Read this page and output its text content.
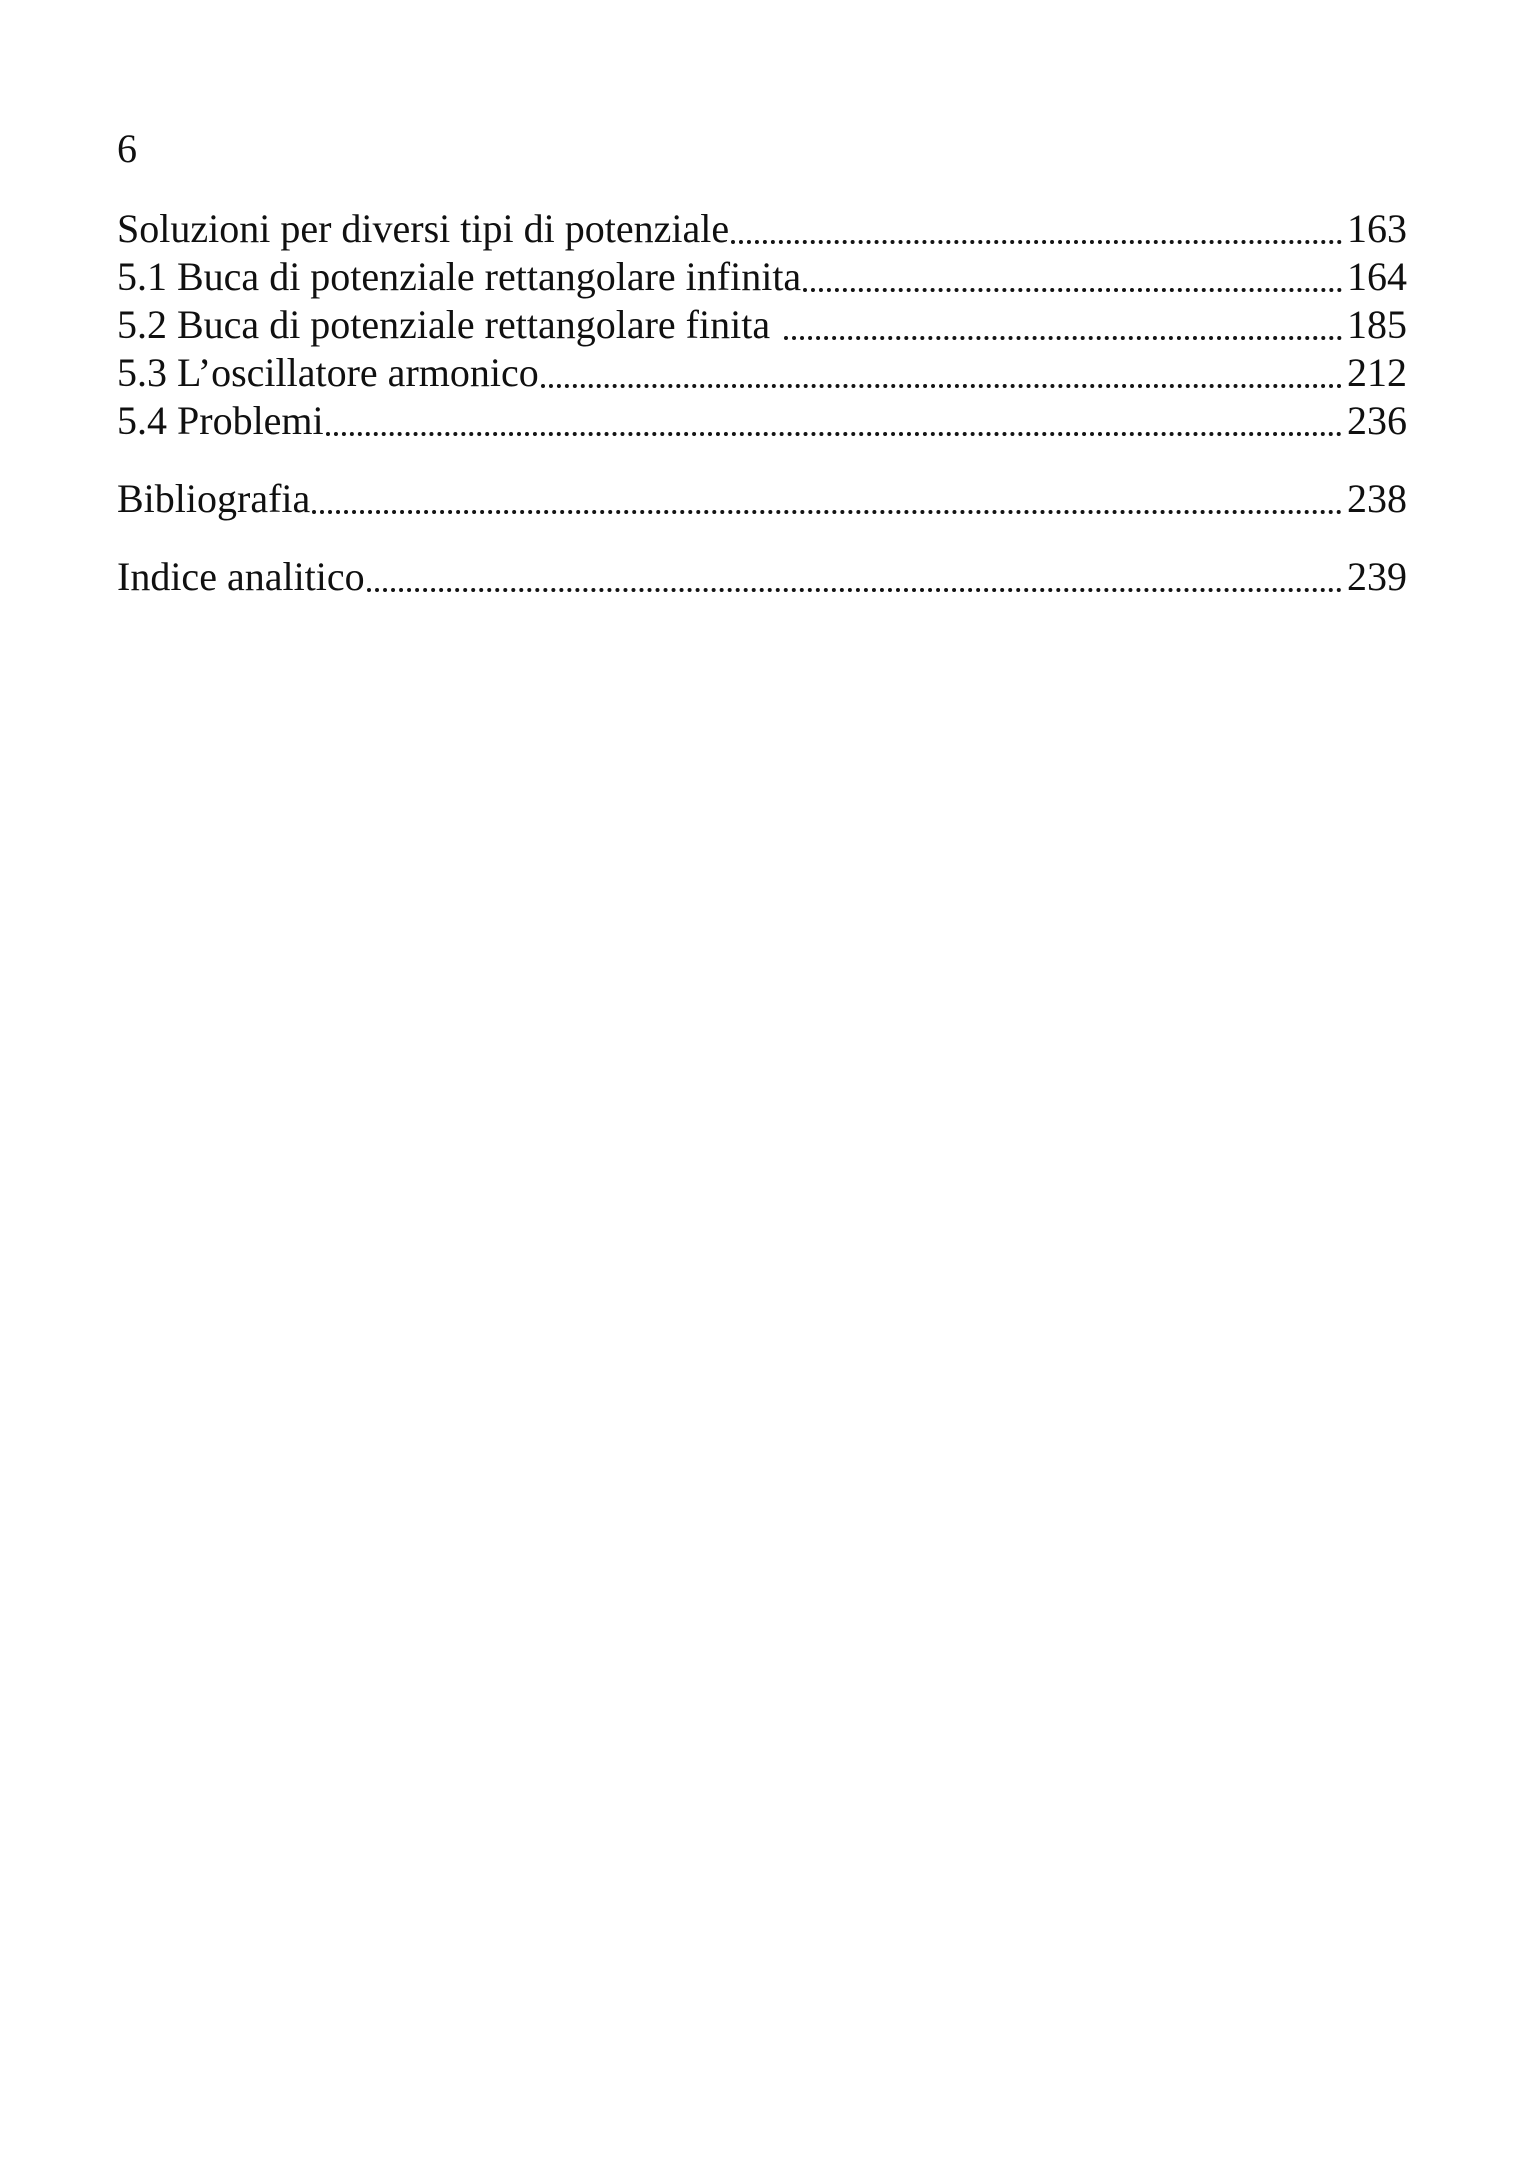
6
Soluzioni per diversi tipi di potenziale	163
5.1 Buca di potenziale rettangolare infinita	164
5.2 Buca di potenziale rettangolare finita	185
5.3 L’oscillatore armonico	212
5.4 Problemi	236
Bibliografia	238
Indice analitico	239
